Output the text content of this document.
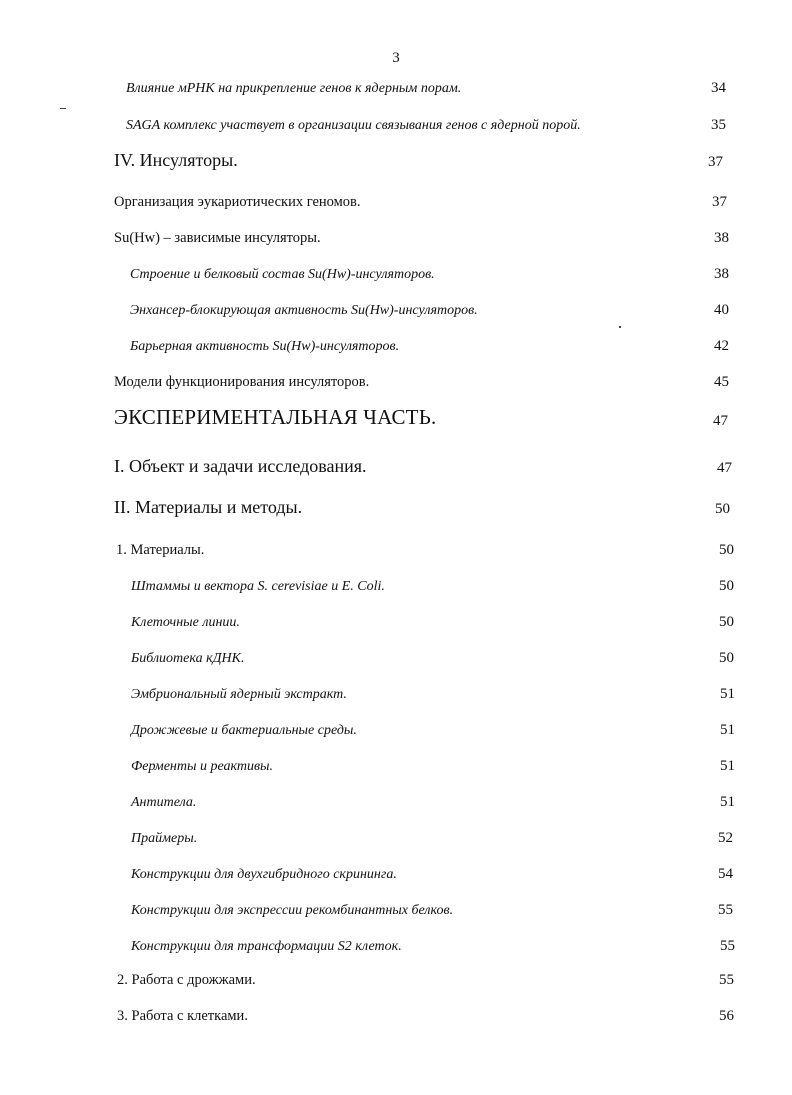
3
Влияние мРНК на прикрепление генов к ядерным порам.	34
SAGA комплекс участвует в организации связывания генов с ядерной порой.	35
IV. Инсуляторы.	37
Организация эукариотических геномов.	37
Su(Hw) – зависимые инсуляторы.	38
Строение и белковый состав Su(Hw)-инсуляторов.	38
Энхансер-блокирующая активность Su(Hw)-инсуляторов.	40
Барьерная активность Su(Hw)-инсуляторов.	42
Модели функционирования инсуляторов.	45
ЭКСПЕРИМЕНТАЛЬНАЯ ЧАСТЬ.	47
I. Объект и задачи исследования.	47
II. Материалы и методы.	50
1. Материалы.	50
Штаммы и вектора S. cerevisiae и E. Coli.	50
Клеточные линии.	50
Библиотека кДНК.	50
Эмбриональный ядерный экстракт.	51
Дрожжевые и бактериальные среды.	51
Ферменты и реактивы.	51
Антитела.	51
Праймеры.	52
Конструкции для двухгибридного скрининга.	54
Конструкции для экспрессии рекомбинантных белков.	55
Конструкции для трансформации S2 клеток.	55
2. Работа с дрожжами.	55
3. Работа с клетками.	56
